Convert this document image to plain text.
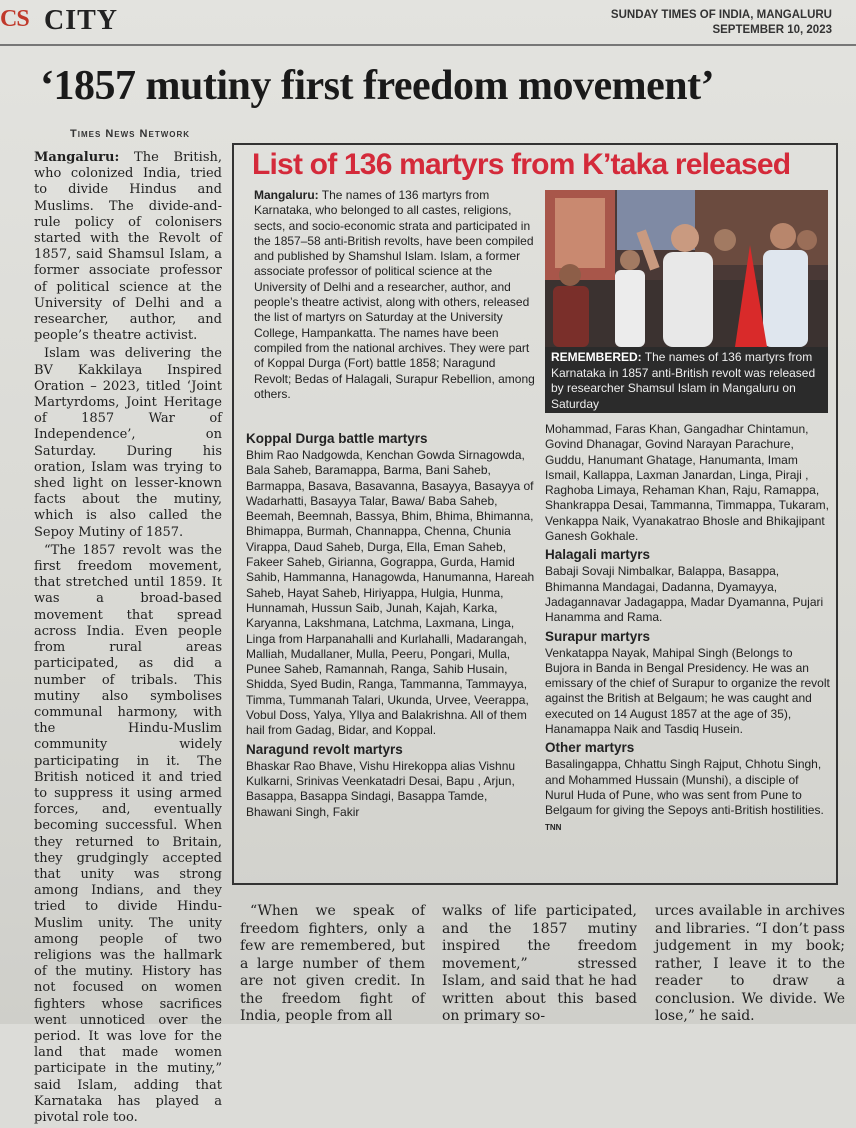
CS CITY	SUNDAY TIMES OF INDIA, MANGALURU
SEPTEMBER 10, 2023
‘1857 mutiny first freedom movement’
Times News Network

Mangaluru: The British, who colonized India, tried to divide Hindus and Muslims. The divide-and-rule policy of colonisers started with the Revolt of 1857, said Shamsul Islam, a former associate professor of political science at the University of Delhi and a researcher, author, and people’s theatre activist.

Islam was delivering the BV Kakkilaya Inspired Oration – 2023, titled ‘Joint Martyrdoms, Joint Heritage of 1857 War of Independence’, on Saturday. During his oration, Islam was trying to shed light on lesser-known facts about the mutiny, which is also called the Sepoy Mutiny of 1857.

“The 1857 revolt was the first freedom movement, that stretched until 1859. It was a broad-based movement that spread across India. Even people from rural areas participated, as did a number of tribals. This mutiny also symbolises communal harmony, with the Hindu-Muslim community widely participating in it. The British noticed it and tried to suppress it using armed forces, and, eventually becoming successful. When they returned to Britain, they grudgingly accepted that unity was strong among Indians, and they tried to divide Hindu-Muslim unity. The unity among people of two religions was the hallmark of the mutiny. History has not focused on women fighters whose sacrifices went unnoticed over the period. It was love for the land that made women participate in the mutiny,” said Islam, adding that Karnataka has played a pivotal role too.

List of 136 martyrs from K’taka released

Mangaluru: The names of 136 martyrs from Karnataka, who belonged to all castes, religions, sects, and socio-economic strata and participated in the 1857–58 anti-British revolts, have been compiled and published by Shamshul Islam. Islam, a former associate professor of political science at the University of Delhi and a researcher, author, and people’s theatre activist, along with others, released the list of martyrs on Saturday at the University College, Hampankatta. The names have been compiled from the national archives. They were part of Koppal Durga (Fort) battle 1858; Naragund Revolt; Bedas of Halagali, Surapur Rebellion, among others.

REMEMBERED: The names of 136 martyrs from Karnataka in 1857 anti-British revolt was released by researcher Shamsul Islam in Mangaluru on Saturday
Koppal Durga battle martyrs

Bhim Rao Nadgowda, Kenchan Gowda Sirnagowda, Bala Saheb, Baramappa, Barma, Bani Saheb, Barmappa, Basava, Basavanna, Basayya, Basayya of Wadarhatti, Basayya Talar, Bawa/ Baba Saheb, Beemah, Beemnah, Bassya, Bhim, Bhima, Bhimanna, Bhimappa, Burmah, Channappa, Chenna, Chunia Virappa, Daud Saheb, Durga, Ella, Eman Saheb, Fakeer Saheb, Girianna, Gograppa, Gurda, Hamid Sahib, Hammanna, Hanagowda, Hanumanna, Hareah Saheb, Hayat Saheb, Hiriyappa, Hulgia, Hunma, Hunnamah, Hussun Saib, Junah, Kajah, Karka, Karyanna, Lakshmana, Latchma, Laxmana, Linga, Linga from Harpanahalli and Kurlahalli, Madarangah, Malliah, Mudallaner, Mulla, Peeru, Pongari, Mulla, Punee Saheb, Ramannah, Ranga, Sahib Husain, Shidda, Syed Budin, Ranga, Tammanna, Tammayya, Timma, Tummanah Talari, Ukunda, Urvee, Veerappa, Vobul Doss, Yalya, Yllya and Balakrishna. All of them hail from Gadag, Bidar, and Koppal.

Naragund revolt martyrs

Bhaskar Rao Bhave, Vishu Hirekoppa alias Vishnu Kulkarni, Srinivas Veenkatadri Desai, Bapu , Arjun, Basappa, Basappa Sindagi, Basappa Tamde, Bhawani Singh, Fakir

Mohammad, Faras Khan, Gangadhar Chintamun, Govind Dhanagar, Govind Narayan Parachure, Guddu, Hanumant Ghatage, Hanumanta, Imam Ismail, Kallappa, Laxman Janardan, Linga, Piraji , Raghoba Limaya, Rehaman Khan, Raju, Ramappa, Shankrappa Desai, Tammanna, Timmappa, Tukaram, Venkappa Naik, Vyanakatrao Bhosle and Bhikajipant Ganesh Gokhale.

Halagali martyrs

Babaji Sovaji Nimbalkar, Balappa, Basappa, Bhimanna Mandagai, Dadanna, Dyamayya, Jadagannavar Jadagappa, Madar Dyamanna, Pujari Hanamma and Rama.

Surapur martyrs

Venkatappa Nayak, Mahipal Singh (Belongs to Bujora in Banda in Bengal Presidency. He was an emissary of the chief of Surapur to organize the revolt against the British at Belgaum; he was caught and executed on 14 August 1857 at the age of 35), Hanamappa Naik and Tasdiq Husein.

Other martyrs

Basalingappa, Chhattu Singh Rajput, Chhotu Singh, and Mohammed Hussain (Munshi), a disciple of Nurul Huda of Pune, who was sent from Pune to Belgaum for giving the Sepoys anti-British hostilities. TNN

“When we speak of freedom fighters, only a few are remembered, but a large number of them are not given credit. In the freedom fight of India, people from all

walks of life participated, and the 1857 mutiny inspired the freedom movement,” stressed Islam, and said that he had written about this based on primary so-

urces available in archives and libraries. “I don’t pass judgement in my book; rather, I leave it to the reader to draw a conclusion. We divide. We lose,” he said.
